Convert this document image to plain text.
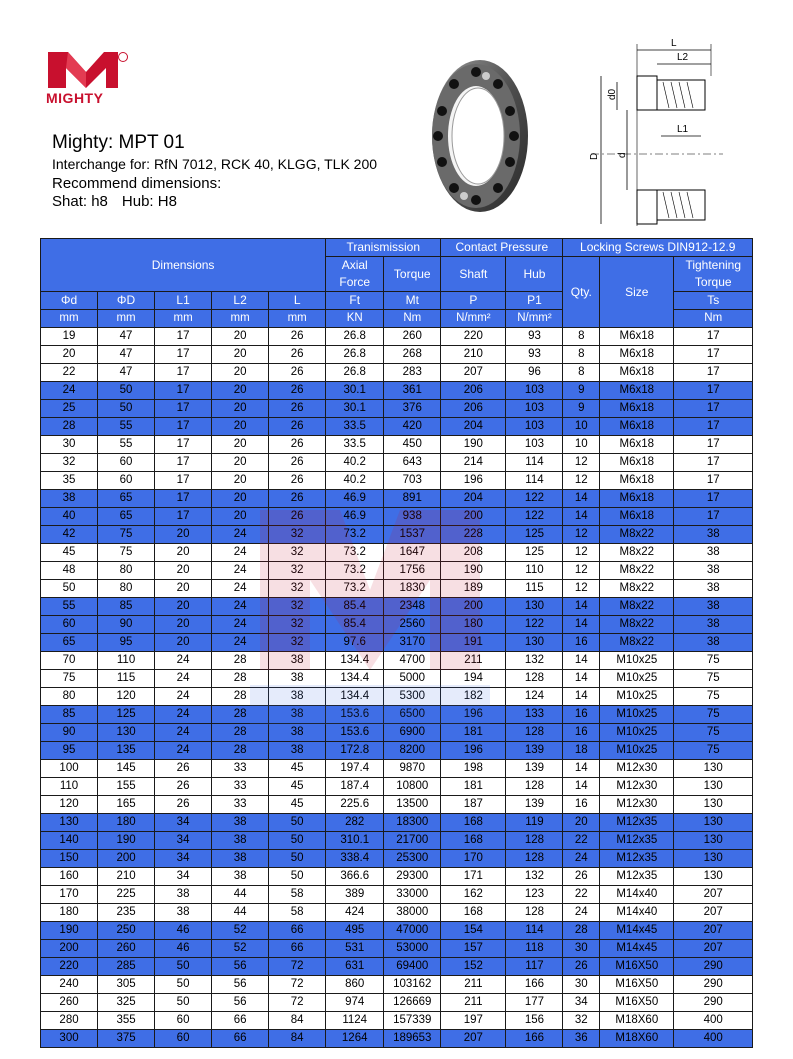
MIGHTY
Mighty: MPT 01
Interchange for: RfN 7012, RCK 40, KLGG, TLK 200
Recommend dimensions:
Shat: h8 Hub: H8
L
L2
L1
D d
d0
Dimensions					Tranismission		Contact Pressure		Locking Screws DIN912-12.9		
					Axial Force	Torque	Shaft	Hub	Qty.	Size	Tightening Torque

Φd	ΦD	L1	L2	L	Ft	Mt	P	P1			Ts
mm	mm	mm	mm	mm	KN	Nm	N/mm²	N/mm²			Nm
19	47	17	20	26	26.8	260	220	93	8	M6x18	17
20	47	17	20	26	26.8	268	210	93	8	M6x18	17
22	47	17	20	26	26.8	283	207	96	8	M6x18	17
24	50	17	20	26	30.1	361	206	103	9	M6x18	17
25	50	17	20	26	30.1	376	206	103	9	M6x18	17
28	55	17	20	26	33.5	420	204	103	10	M6x18	17
30	55	17	20	26	33.5	450	190	103	10	M6x18	17
32	60	17	20	26	40.2	643	214	114	12	M6x18	17
35	60	17	20	26	40.2	703	196	114	12	M6x18	17
38	65	17	20	26	46.9	891	204	122	14	M6x18	17
40	65	17	20	26	46.9	938	200	122	14	M6x18	17
42	75	20	24	32	73.2	1537	228	125	12	M8x22	38
45	75	20	24	32	73.2	1647	208	125	12	M8x22	38
48	80	20	24	32	73.2	1756	190	110	12	M8x22	38
50	80	20	24	32	73.2	1830	189	115	12	M8x22	38
55	85	20	24	32	85.4	2348	200	130	14	M8x22	38
60	90	20	24	32	85.4	2560	180	122	14	M8x22	38
65	95	20	24	32	97.6	3170	191	130	16	M8x22	38
70	110	24	28	38	134.4	4700	211	132	14	M10x25	75
75	115	24	28	38	134.4	5000	194	128	14	M10x25	75
80	120	24	28	38	134.4	5300	182	124	14	M10x25	75
85	125	24	28	38	153.6	6500	196	133	16	M10x25	75
90	130	24	28	38	153.6	6900	181	128	16	M10x25	75
95	135	24	28	38	172.8	8200	196	139	18	M10x25	75
100	145	26	33	45	197.4	9870	198	139	14	M12x30	130
110	155	26	33	45	187.4	10800	181	128	14	M12x30	130
120	165	26	33	45	225.6	13500	187	139	16	M12x30	130
130	180	34	38	50	282	18300	168	119	20	M12x35	130
140	190	34	38	50	310.1	21700	168	128	22	M12x35	130
150	200	34	38	50	338.4	25300	170	128	24	M12x35	130
160	210	34	38	50	366.6	29300	171	132	26	M12x35	130
170	225	38	44	58	389	33000	162	123	22	M14x40	207
180	235	38	44	58	424	38000	168	128	24	M14x40	207
190	250	46	52	66	495	47000	154	114	28	M14x45	207
200	260	46	52	66	531	53000	157	118	30	M14x45	207
220	285	50	56	72	631	69400	152	117	26	M16X50	290
240	305	50	56	72	860	103162	211	166	30	M16X50	290
260	325	50	56	72	974	126669	211	177	34	M16X50	290
280	355	60	66	84	1124	157339	197	156	32	M18X60	400
300	375	60	66	84	1264	189653	207	166	36	M18X60	400
